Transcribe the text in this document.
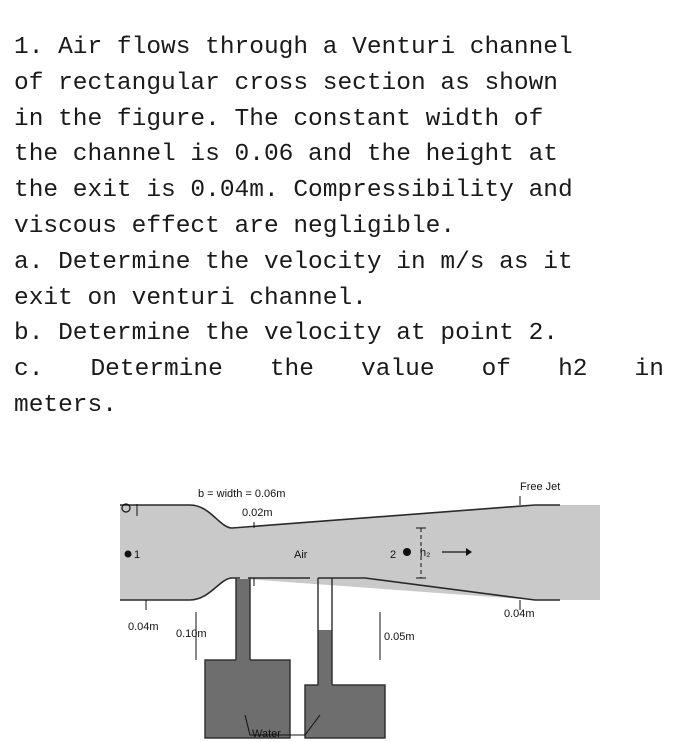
1. Air flows through a Venturi channel
of rectangular cross section as shown
in the figure. The constant width of
the channel is 0.06 and the height at
the exit is 0.04m. Compressibility and
viscous effect are negligible.
a. Determine the velocity in m/s as it
exit on venturi channel.
b. Determine the velocity at point 2.
c. Determine the value of h2 in
meters.
b = width = 0.06m
0.02m
Air
1	2 h₂
Free Jet
0.04m
0.04m
0.10m	0.05m
Water
